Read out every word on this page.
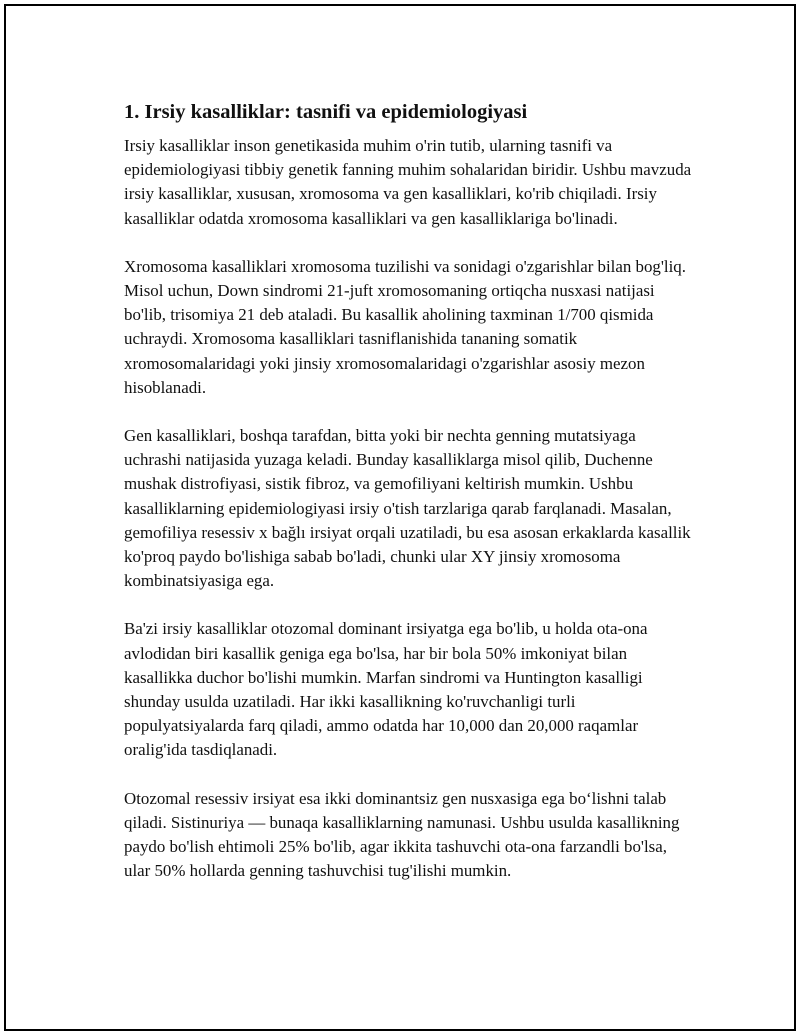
1. Irsiy kasalliklar: tasnifi va epidemiologiyasi

Irsiy kasalliklar inson genetikasida muhim o'rin tutib, ularning tasnifi va epidemiologiyasi tibbiy genetik fanning muhim sohalaridan biridir. Ushbu mavzuda irsiy kasalliklar, xususan, xromosoma va gen kasalliklari, ko'rib chiqiladi. Irsiy kasalliklar odatda xromosoma kasalliklari va gen kasalliklariga bo'linadi.

Xromosoma kasalliklari xromosoma tuzilishi va sonidagi o'zgarishlar bilan bog'liq. Misol uchun, Down sindromi 21-juft xromosomaning ortiqcha nusxasi natijasi bo'lib, trisomiya 21 deb ataladi. Bu kasallik aholining taxminan 1/700 qismida uchraydi. Xromosoma kasalliklari tasniflanishida tananing somatik xromosomalaridagi yoki jinsiy xromosomalaridagi o'zgarishlar asosiy mezon hisoblanadi.

Gen kasalliklari, boshqa tarafdan, bitta yoki bir nechta genning mutatsiyaga uchrashi natijasida yuzaga keladi. Bunday kasalliklarga misol qilib, Duchenne mushak distrofiyasi, sistik fibroz, va gemofiliyani keltirish mumkin. Ushbu kasalliklarning epidemiologiyasi irsiy o'tish tarzlariga qarab farqlanadi. Masalan, gemofiliya resessiv x bağlı irsiyat orqali uzatiladi, bu esa asosan erkaklarda kasallik ko'proq paydo bo'lishiga sabab bo'ladi, chunki ular XY jinsiy xromosoma kombinatsiyasiga ega.

Ba'zi irsiy kasalliklar otozomal dominant irsiyatga ega bo'lib, u holda ota-ona avlodidan biri kasallik geniga ega bo'lsa, har bir bola 50% imkoniyat bilan kasallikka duchor bo'lishi mumkin. Marfan sindromi va Huntington kasalligi shunday usulda uzatiladi. Har ikki kasallikning ko'ruvchanligi turli populyatsiyalarda farq qiladi, ammo odatda har 10,000 dan 20,000 raqamlar oralig'ida tasdiqlanadi.

Otozomal resessiv irsiyat esa ikki dominantsiz gen nusxasiga ega boʻlishni talab qiladi. Sistinuriya — bunaqa kasalliklarning namunasi. Ushbu usulda kasallikning paydo bo'lish ehtimoli 25% bo'lib, agar ikkita tashuvchi ota-ona farzandli bo'lsa, ular 50% hollarda genning tashuvchisi tug'ilishi mumkin.
